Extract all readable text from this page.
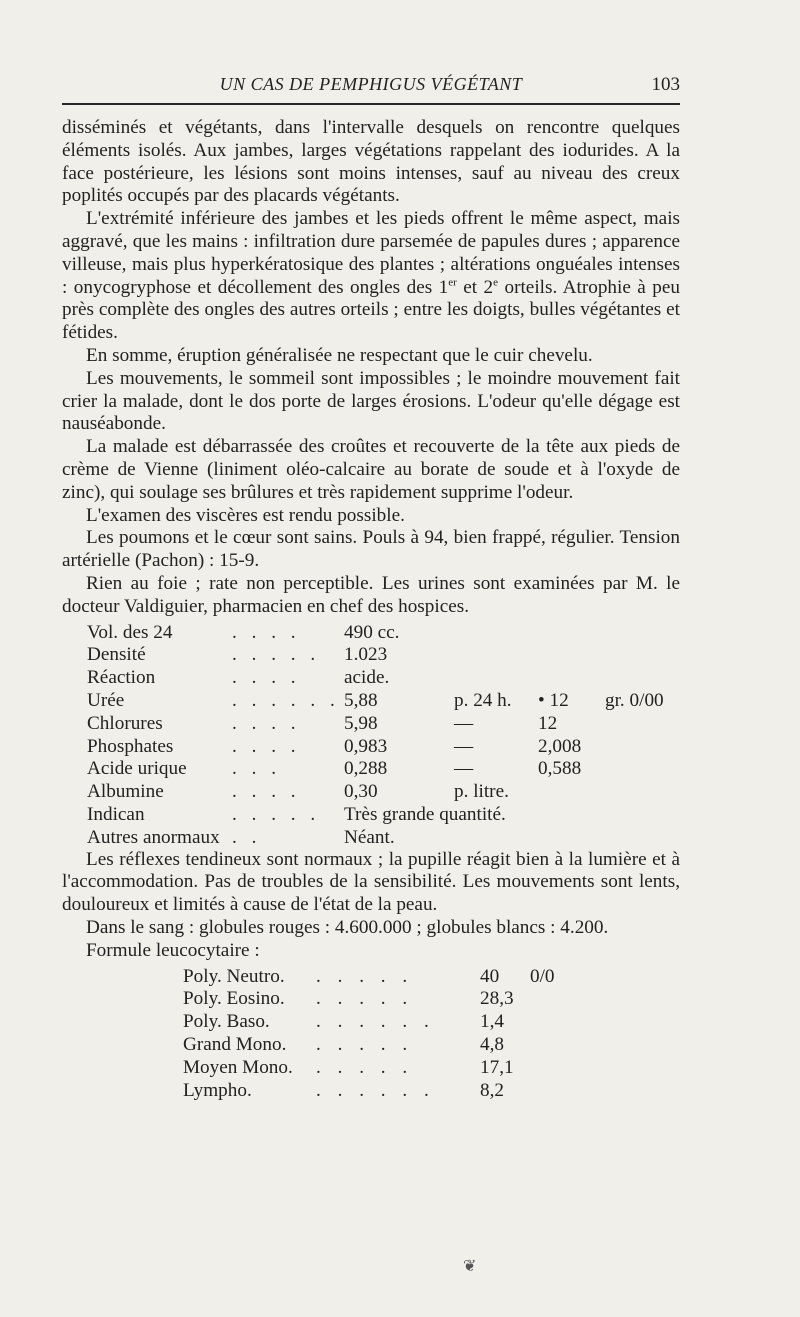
UN CAS DE PEMPHIGUS VÉGÉTANT	103

disséminés et végétants, dans l'intervalle desquels on rencontre quelques éléments isolés. Aux jambes, larges végétations rappelant des iodurides. A la face postérieure, les lésions sont moins intenses, sauf au niveau des creux poplités occupés par des placards végétants.

L'extrémité inférieure des jambes et les pieds offrent le même aspect, mais aggravé, que les mains : infiltration dure parsemée de papules dures ; apparence villeuse, mais plus hyperkératosique des plantes ; altérations onguéales intenses : onycogryphose et décollement des ongles des 1er et 2e orteils. Atrophie à peu près complète des ongles des autres orteils ; entre les doigts, bulles végétantes et fétides.

En somme, éruption généralisée ne respectant que le cuir chevelu.

Les mouvements, le sommeil sont impossibles ; le moindre mouvement fait crier la malade, dont le dos porte de larges érosions. L'odeur qu'elle dégage est nauséabonde.

La malade est débarrassée des croûtes et recouverte de la tête aux pieds de crème de Vienne (liniment oléo-calcaire au borate de soude et à l'oxyde de zinc), qui soulage ses brûlures et très rapidement supprime l'odeur.

L'examen des viscères est rendu possible.

Les poumons et le cœur sont sains. Pouls à 94, bien frappé, régulier. Tension artérielle (Pachon) : 15-9.

Rien au foie ; rate non perceptible. Les urines sont examinées par M. le docteur Valdiguier, pharmacien en chef des hospices.

Vol. des 24	. . . . 490 cc.
Densité	. . . . . 1.023
Réaction	. . . . acide.
Urée	. . . . . . 5,88	p. 24 h. • 12 gr. 0/00
Chlorures	. . . . 5,98	—	12
Phosphates	. . . . 0,983	—	2,008
Acide urique . . .	0,288	—	0,588
Albumine	. . . . 0,30	p. litre.
Indican	. . . . . Très grande quantité.
Autres anormaux . .	Néant.

Les réflexes tendineux sont normaux ; la pupille réagit bien à la lumière et à l'accommodation. Pas de troubles de la sensibilité. Les mouvements sont lents, douloureux et limités à cause de l'état de la peau.

Dans le sang : globules rouges : 4.600.000 ; globules blancs : 4.200.

Formule leucocytaire :

Poly. Neutro. . . . . .	40 0/0
Poly. Eosino. . . . . .	28,3
Poly. Baso. . . . . . . 1,4
Grand Mono. . . . . .	4,8
Moyen Mono. . . . . .	17,1
Lympho.	. . . . . . 8,2
❦
